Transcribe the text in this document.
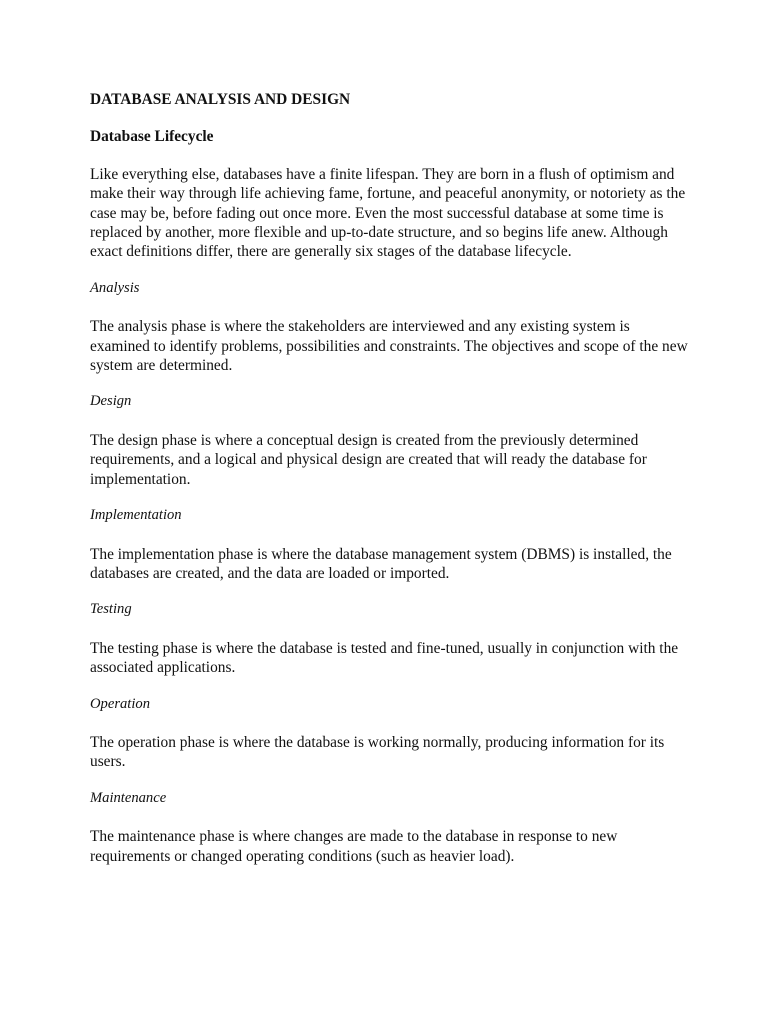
DATABASE ANALYSIS AND DESIGN

Database Lifecycle

Like everything else, databases have a finite lifespan. They are born in a flush of optimism and make their way through life achieving fame, fortune, and peaceful anonymity, or notoriety as the case may be, before fading out once more. Even the most successful database at some time is replaced by another, more flexible and up-to-date structure, and so begins life anew. Although exact definitions differ, there are generally six stages of the database lifecycle.

Analysis

The analysis phase is where the stakeholders are interviewed and any existing system is examined to identify problems, possibilities and constraints. The objectives and scope of the new system are determined.

Design

The design phase is where a conceptual design is created from the previously determined requirements, and a logical and physical design are created that will ready the database for implementation.

Implementation

The implementation phase is where the database management system (DBMS) is installed, the databases are created, and the data are loaded or imported.

Testing

The testing phase is where the database is tested and fine-tuned, usually in conjunction with the associated applications.

Operation

The operation phase is where the database is working normally, producing information for its users.

Maintenance

The maintenance phase is where changes are made to the database in response to new requirements or changed operating conditions (such as heavier load).
